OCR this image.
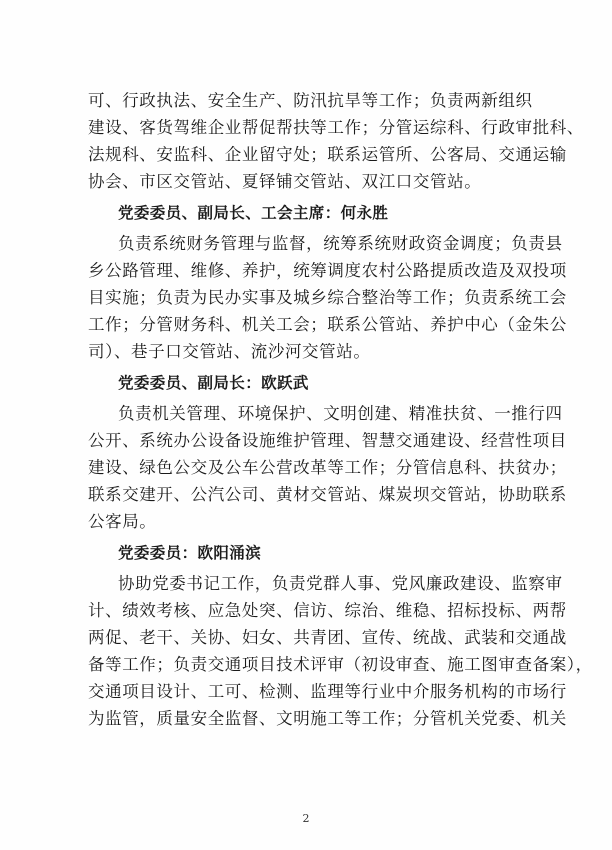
可、行政执法、安全生产、防汛抗旱等工作；负责两新组织
建设、客货驾维企业帮促帮扶等工作；分管运综科、行政审批科、
法规科、安监科、企业留守处；联系运管所、公客局、交通运输
协会、市区交管站、夏铎铺交管站、双江口交管站。
党委委员、副局长、工会主席：何永胜
负责系统财务管理与监督，统筹系统财政资金调度；负责县
乡公路管理、维修、养护，统筹调度农村公路提质改造及双投项
目实施；负责为民办实事及城乡综合整治等工作；负责系统工会
工作；分管财务科、机关工会；联系公管站、养护中心（金朱公
司）、巷子口交管站、流沙河交管站。
党委委员、副局长：欧跃武
负责机关管理、环境保护、文明创建、精准扶贫、一推行四
公开、系统办公设备设施维护管理、智慧交通建设、经营性项目
建设、绿色公交及公车公营改革等工作；分管信息科、扶贫办；
联系交建开、公汽公司、黄材交管站、煤炭坝交管站，协助联系
公客局。
党委委员：欧阳涌滨
协助党委书记工作，负责党群人事、党风廉政建设、监察审
计、绩效考核、应急处突、信访、综治、维稳、招标投标、两帮
两促、老干、关协、妇女、共青团、宣传、统战、武装和交通战
备等工作；负责交通项目技术评审（初设审查、施工图审查备案），
交通项目设计、工可、检测、监理等行业中介服务机构的市场行
为监管，质量安全监督、文明施工等工作；分管机关党委、机关
2
